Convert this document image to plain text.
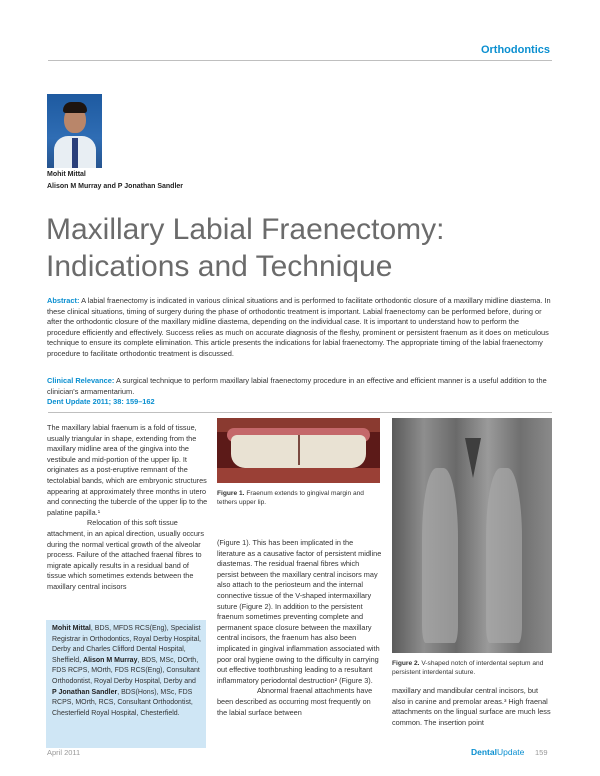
Orthodontics
Mohit Mittal
Alison M Murray and P Jonathan Sandler
Maxillary Labial Fraenectomy:
Indications and Technique
Abstract: A labial fraenectomy is indicated in various clinical situations and is performed to facilitate orthodontic closure of a maxillary midline diastema. In these clinical situations, timing of surgery during the phase of orthodontic treatment is important. Labial fraenectomy can be performed before, during or after the orthodontic closure of the maxillary midline diastema, depending on the individual case. It is important to understand how to perform the procedure efficiently and effectively. Success relies as much on accurate diagnosis of the fleshy, prominent or persistent fraenum as it does on meticulous technique to ensure its complete elimination. This article presents the indications for labial fraenectomy. The appropriate timing of the labial fraenectomy procedure to facilitate orthodontic treatment is discussed.
Clinical Relevance: A surgical technique to perform maxillary labial fraenectomy procedure in an effective and efficient manner is a useful addition to the clinician's armamentarium.
Dent Update 2011; 38: 159–162

The maxillary labial fraenum is a fold of tissue, usually triangular in shape, extending from the maxillary midline area of the gingiva into the vestibule and mid-portion of the upper lip. It originates as a post-eruptive remnant of the tectolabial bands, which are embryonic structures appearing at approximately three months in utero and connecting the tubercle of the upper lip to the palatine papilla.¹

Relocation of this soft tissue attachment, in an apical direction, usually occurs during the normal vertical growth of the alveolar process. Failure of the attached fraenal fibres to migrate apically results in a residual band of tissue which sometimes extends between the maxillary central incisors

Mohit Mittal, BDS, MFDS RCS(Eng), Specialist Registrar in Orthodontics, Royal Derby Hospital, Derby and Charles Clifford Dental Hospital, Sheffield, Alison M Murray, BDS, MSc, DOrth, FDS RCPS, MOrth, FDS RCS(Eng), Consultant Orthodontist, Royal Derby Hospital, Derby and P Jonathan Sandler, BDS(Hons), MSc, FDS RCPS, MOrth, RCS, Consultant Orthodontist, Chesterfield Royal Hospital, Chesterfield.
Figure 1. Fraenum extends to gingival margin and tethers upper lip.
Figure 2. V-shaped notch of interdental septum and persistent interdental suture.

(Figure 1). This has been implicated in the literature as a causative factor of persistent midline diastemas. The residual fraenal fibres which persist between the maxillary central incisors may also attach to the periosteum and the internal connective tissue of the V-shaped intermaxillary suture (Figure 2). In addition to the persistent fraenum sometimes preventing complete and permanent space closure between the maxillary central incisors, the fraenum has also been implicated in gingival inflammation associated with poor oral hygiene owing to the difficulty in carrying out effective toothbrushing leading to a resultant inflammatory periodontal destruction² (Figure 3).

Abnormal fraenal attachments have been described as occurring most frequently on the labial surface between

maxillary and mandibular central incisors, but also in canine and premolar areas.³ High fraenal attachments on the lingual surface are much less common. The insertion point
April 2011	DentalUpdate 159
